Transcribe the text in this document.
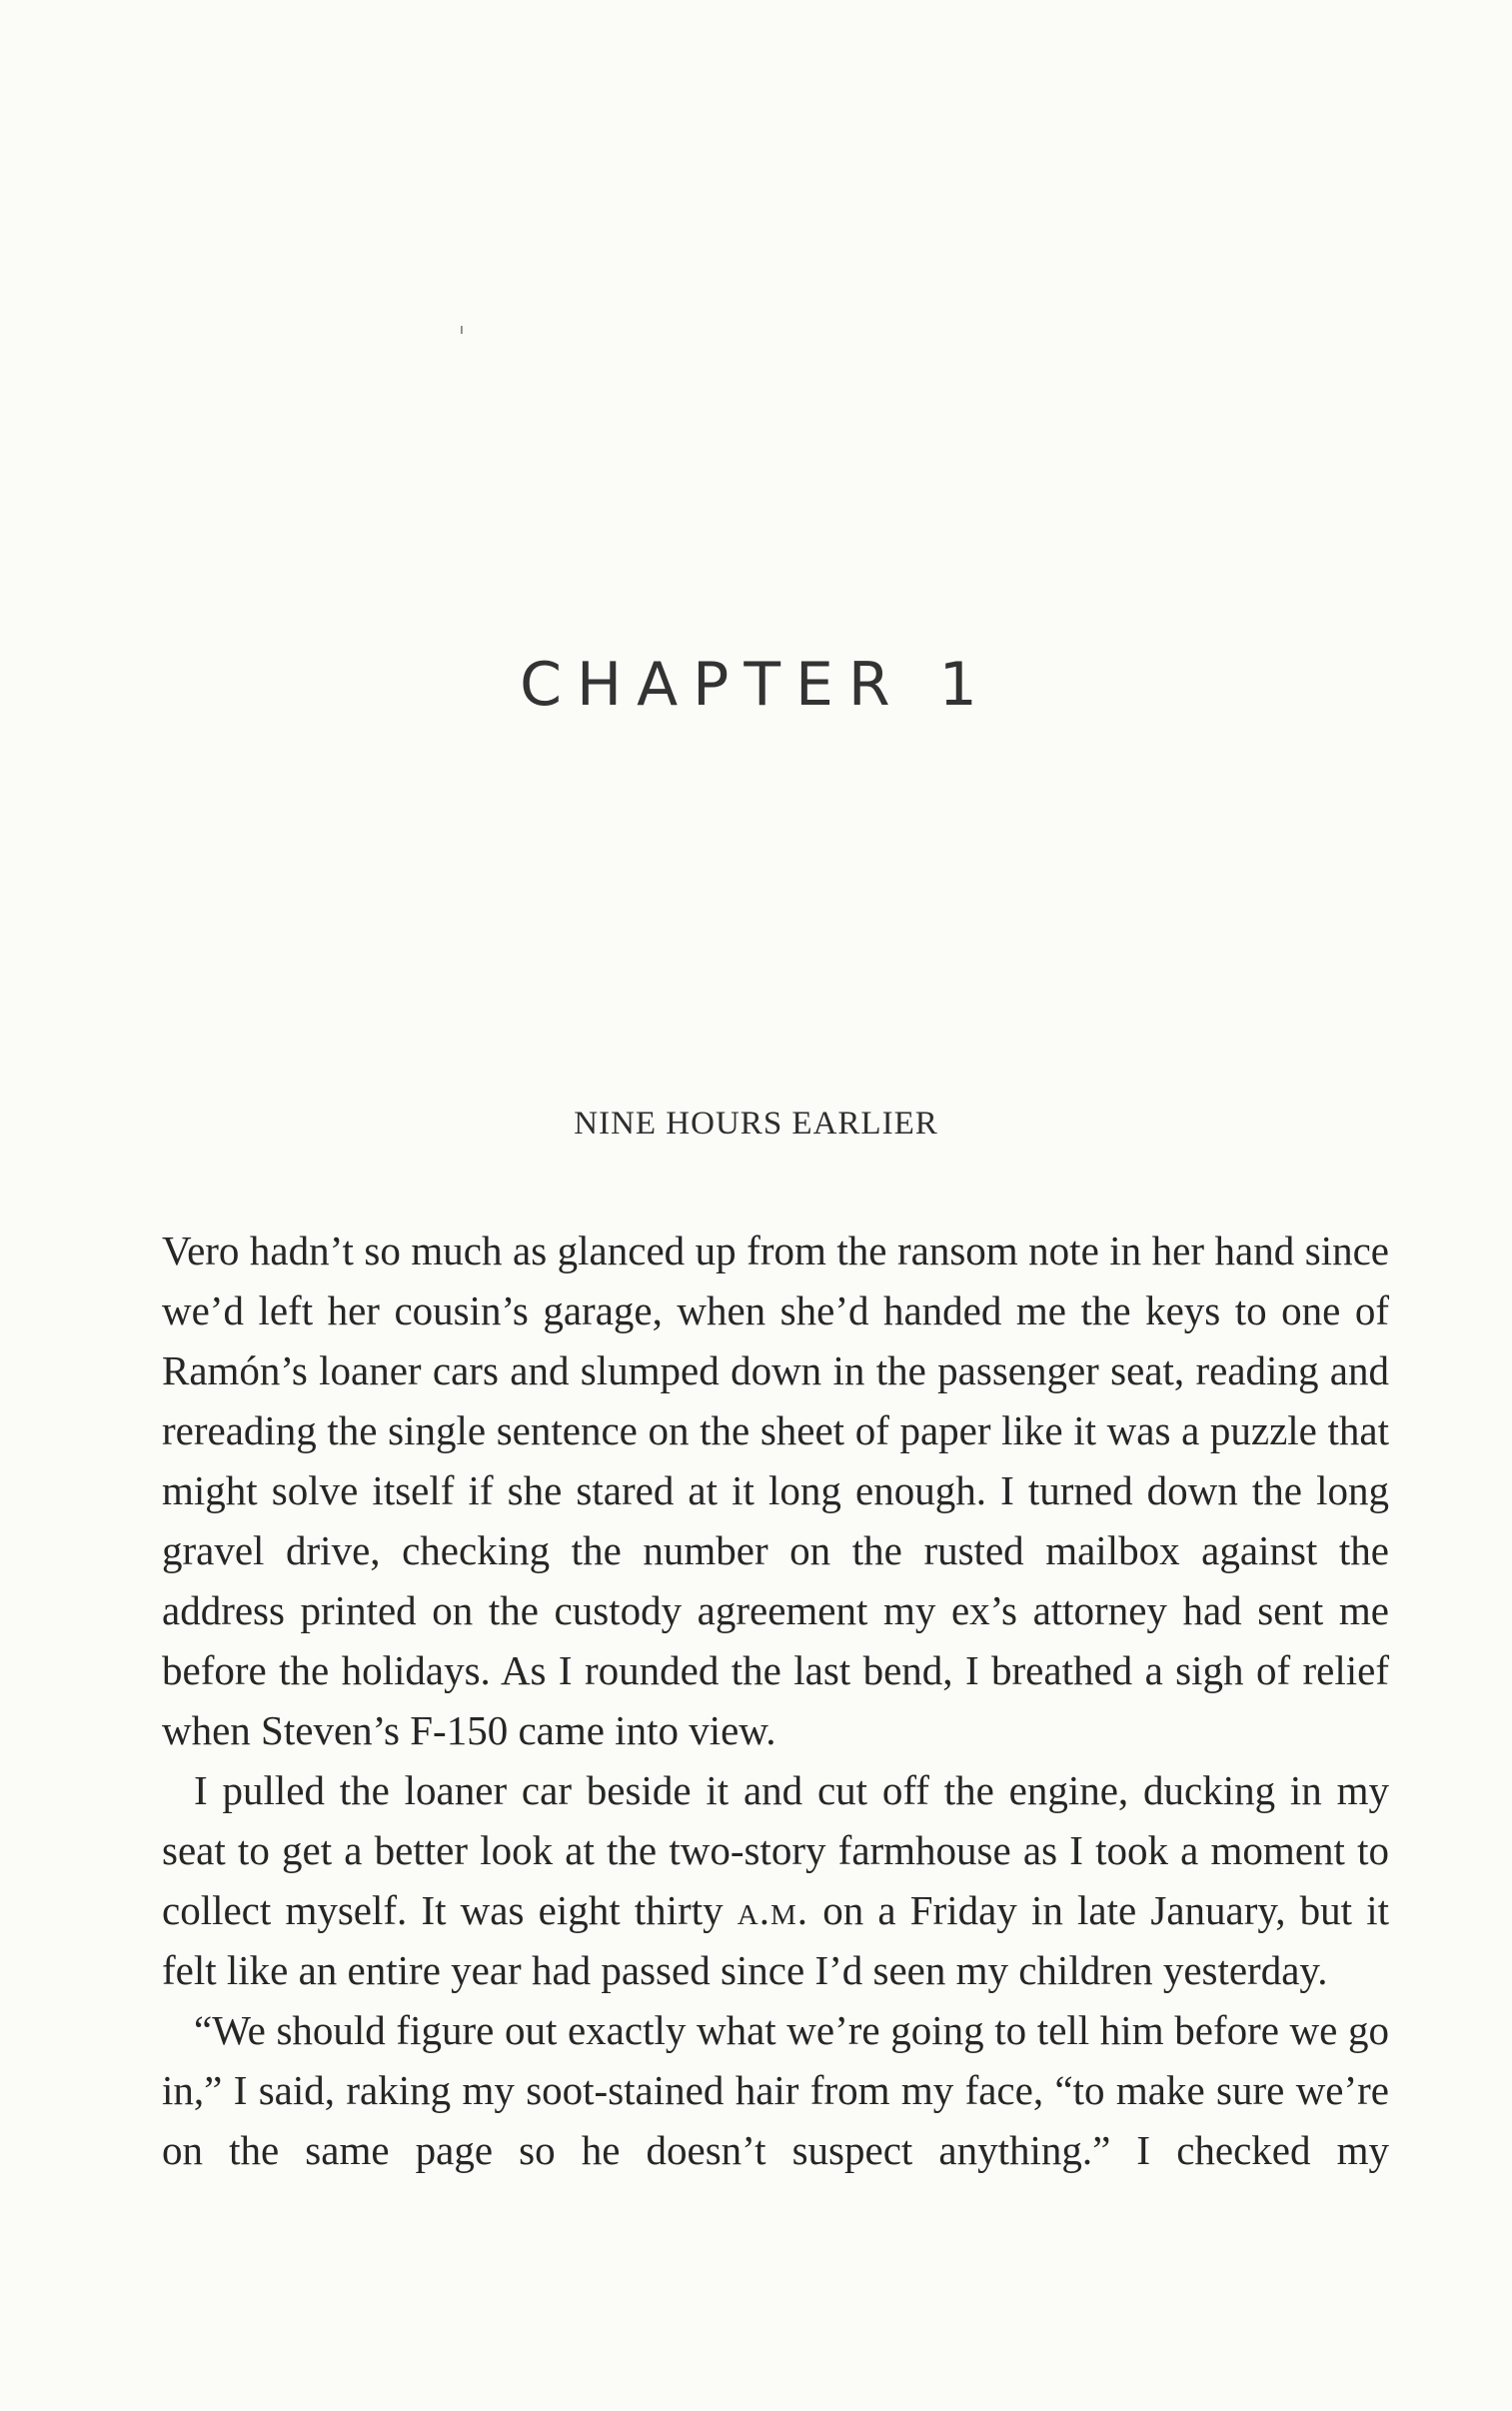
ı
CHAPTER 1
NINE HOURS EARLIER

Vero hadn’t so much as glanced up from the ransom note in her hand since we’d left her cousin’s garage, when she’d handed me the keys to one of Ramón’s loaner cars and slumped down in the passenger seat, reading and rereading the single sentence on the sheet of paper like it was a puzzle that might solve itself if she stared at it long enough. I turned down the long gravel drive, checking the number on the rusted mailbox against the address printed on the custody agreement my ex’s attorney had sent me before the holidays. As I rounded the last bend, I breathed a sigh of relief when Steven’s F-150 came into view.

I pulled the loaner car beside it and cut off the engine, ducking in my seat to get a better look at the two-story farmhouse as I took a moment to collect myself. It was eight thirty a.m. on a Friday in late January, but it felt like an entire year had passed since I’d seen my children yesterday.

“We should figure out exactly what we’re going to tell him before we go in,” I said, raking my soot-stained hair from my face, “to make sure we’re on the same page so he doesn’t suspect anything.” I checked my
